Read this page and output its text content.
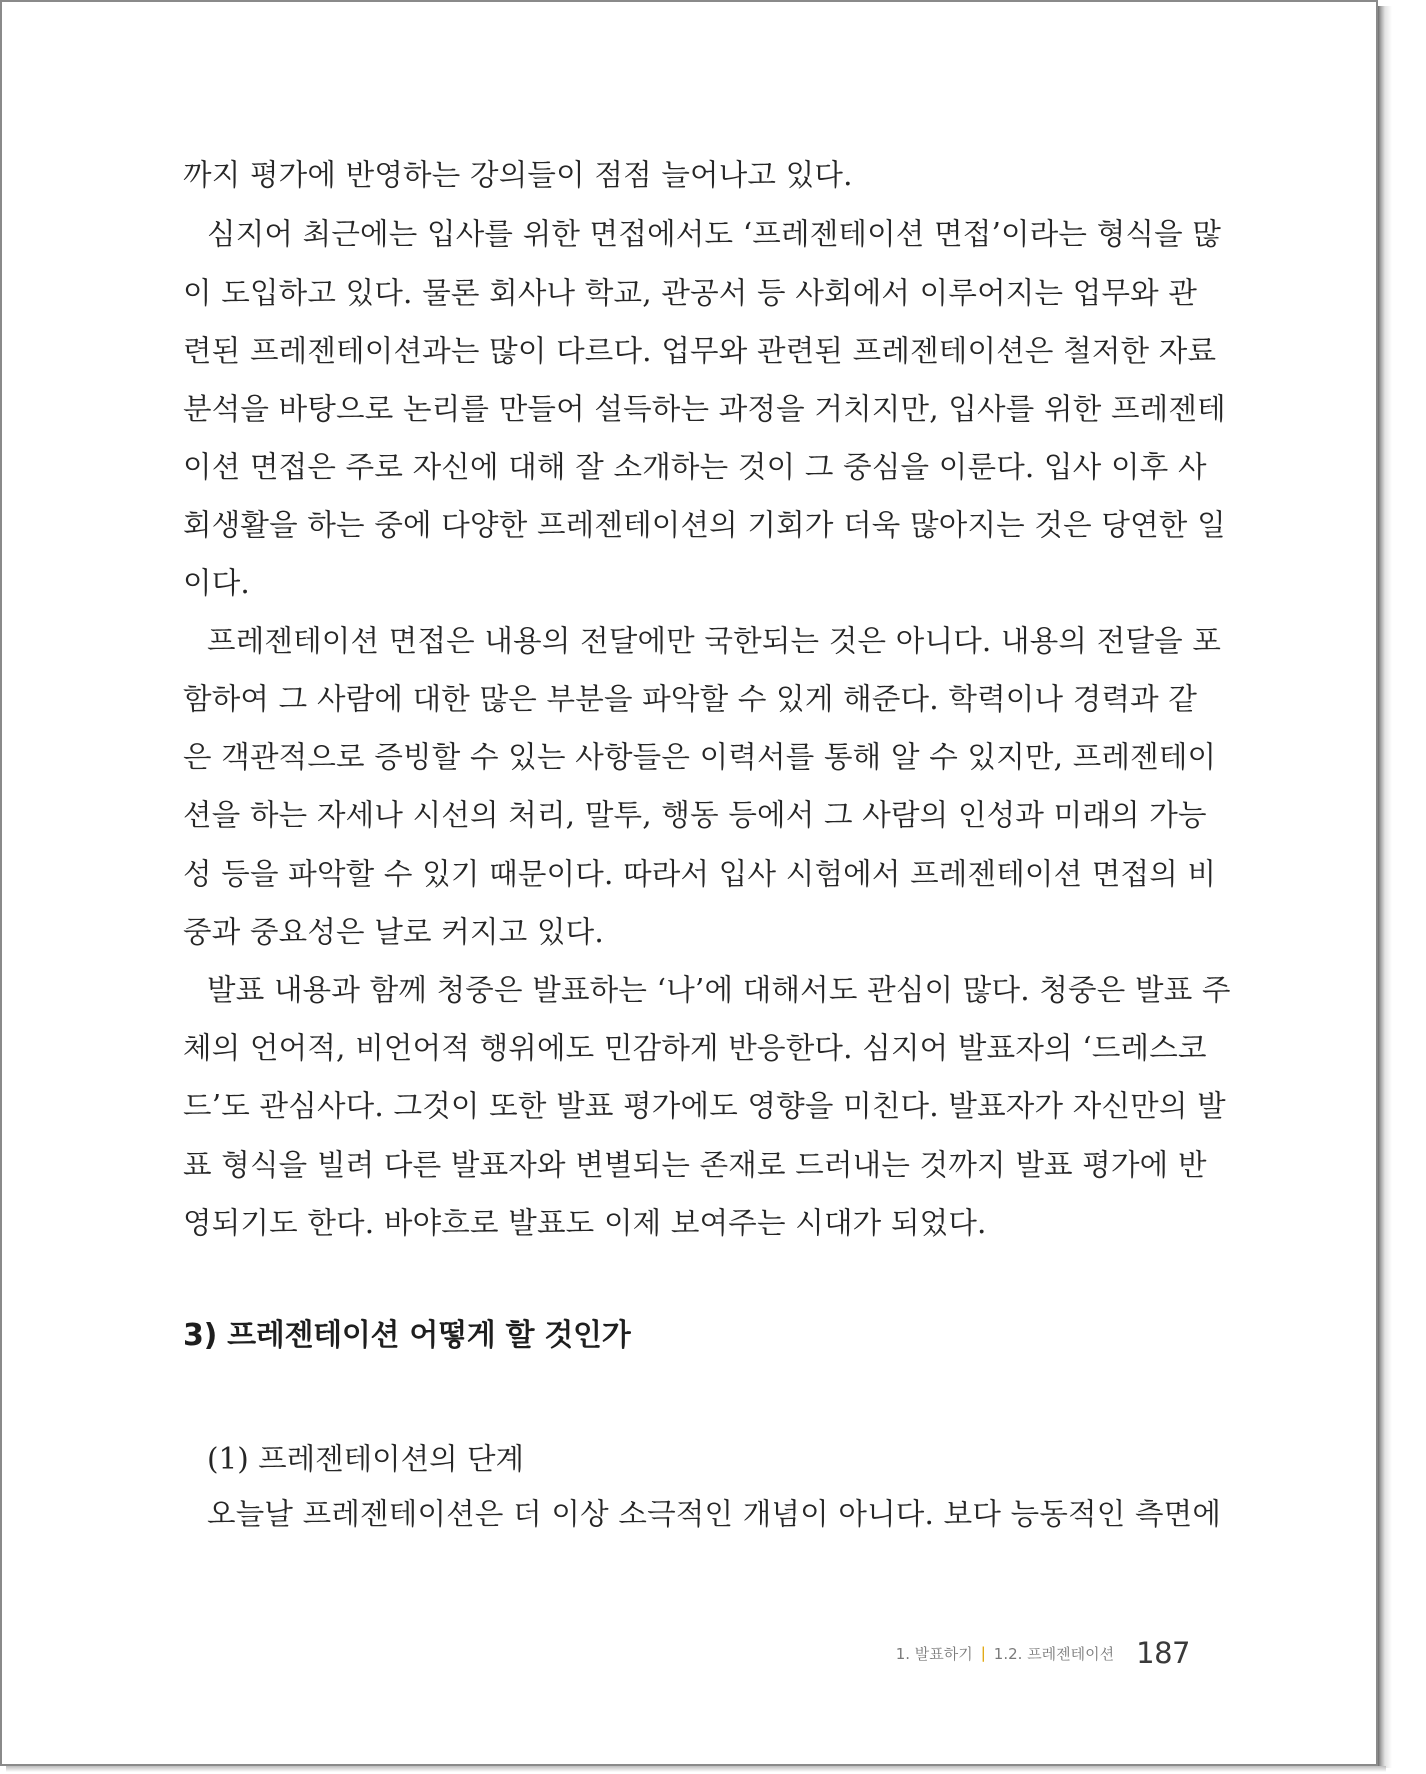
까지 평가에 반영하는 강의들이 점점 늘어나고 있다.
심지어 최근에는 입사를 위한 면접에서도 ‘프레젠테이션 면접’이라는 형식을 많
이 도입하고 있다. 물론 회사나 학교, 관공서 등 사회에서 이루어지는 업무와 관
련된 프레젠테이션과는 많이 다르다. 업무와 관련된 프레젠테이션은 철저한 자료
분석을 바탕으로 논리를 만들어 설득하는 과정을 거치지만, 입사를 위한 프레젠테
이션 면접은 주로 자신에 대해 잘 소개하는 것이 그 중심을 이룬다. 입사 이후 사
회생활을 하는 중에 다양한 프레젠테이션의 기회가 더욱 많아지는 것은 당연한 일
이다.
프레젠테이션 면접은 내용의 전달에만 국한되는 것은 아니다. 내용의 전달을 포
함하여 그 사람에 대한 많은 부분을 파악할 수 있게 해준다. 학력이나 경력과 같
은 객관적으로 증빙할 수 있는 사항들은 이력서를 통해 알 수 있지만, 프레젠테이
션을 하는 자세나 시선의 처리, 말투, 행동 등에서 그 사람의 인성과 미래의 가능
성 등을 파악할 수 있기 때문이다. 따라서 입사 시험에서 프레젠테이션 면접의 비
중과 중요성은 날로 커지고 있다.
발표 내용과 함께 청중은 발표하는 ‘나’에 대해서도 관심이 많다. 청중은 발표 주
체의 언어적, 비언어적 행위에도 민감하게 반응한다. 심지어 발표자의 ‘드레스코
드’도 관심사다. 그것이 또한 발표 평가에도 영향을 미친다. 발표자가 자신만의 발
표 형식을 빌려 다른 발표자와 변별되는 존재로 드러내는 것까지 발표 평가에 반
영되기도 한다. 바야흐로 발표도 이제 보여주는 시대가 되었다.
3) 프레젠테이션 어떻게 할 것인가
(1) 프레젠테이션의 단계
오늘날 프레젠테이션은 더 이상 소극적인 개념이 아니다. 보다 능동적인 측면에
1. 발표하기 | 1.2. 프레젠테이션 187
